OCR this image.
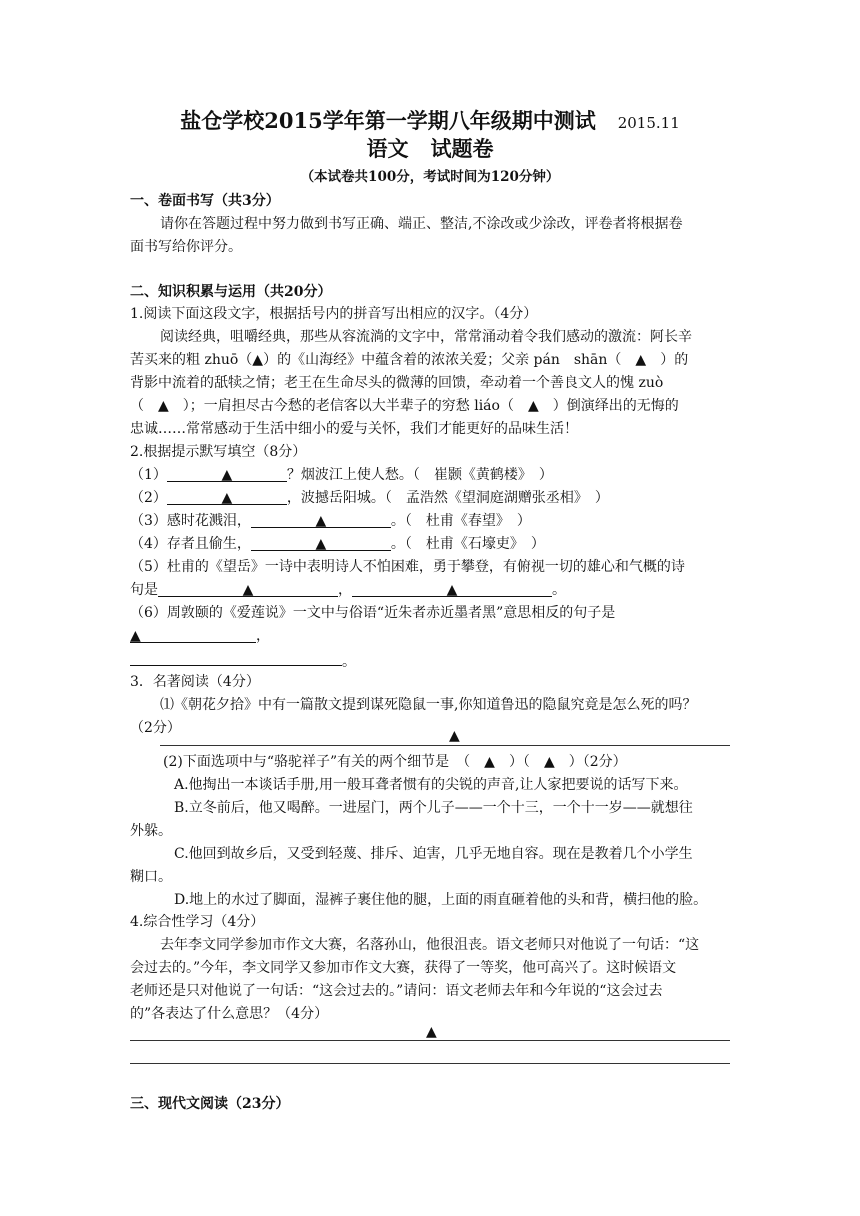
盐仓学校2015学年第一学期八年级期中测试 2015.11
语文 试题卷
（本试卷共100分，考试时间为120分钟）
一、卷面书写（共3分）
请你在答题过程中努力做到书写正确、端正、整洁,不涂改或少涂改，评卷者将根据卷
面书写给你评分。
二、知识积累与运用（共20分）
1.阅读下面这段文字，根据括号内的拼音写出相应的汉字。（4分）
阅读经典，咀嚼经典，那些从容流淌的文字中，常常涌动着令我们感动的激流：阿长辛
苦买来的粗 zhuō（▲）的《山海经》中蕴含着的浓浓关爱；父亲 pán　shān（　 ▲　 ）的
背影中流着的舐犊之情；老王在生命尽头的微薄的回馈，牵动着一个善良文人的愧 zuò
（　 ▲　 ）；一肩担尽古今愁的老信客以大半辈子的穷愁 liáo（　 ▲　 ）倒演绎出的无悔的
忠诚……常常感动于生活中细小的爱与关怀，我们才能更好的品味生活！
2.根据提示默写填空（8分）
（1）	▲	？烟波江上使人愁。（　崔颢《黄鹤楼》　）
（2）	▲	，波撼岳阳城。（　孟浩然《望洞庭湖赠张丞相》　）
（3）感时花溅泪，	▲	。（　杜甫《春望》　）
（4）存者且偷生，	▲	。（　杜甫《石壕吏》　）
（5）杜甫的《望岳》一诗中表明诗人不怕困难，勇于攀登，有俯视一切的雄心和气概的诗
句是	▲	，	▲	。
（6）周敦颐的《爱莲说》一文中与俗语“近朱者赤近墨者黑”意思相反的句子是
▲	，
。
3．名著阅读（4分）
⑴《朝花夕拾》中有一篇散文提到谋死隐鼠一事,你知道鲁迅的隐鼠究竟是怎么死的吗？
（2分）	▲
(2)下面选项中与“骆驼祥子”有关的两个细节是　（　 ▲　 ）（　 ▲　 ）（2分）
A.他掏出一本谈话手册,用一般耳聋者惯有的尖锐的声音,让人家把要说的话写下来。
B.立冬前后，他又喝醉。一进屋门，两个儿子——一个十三，一个十一岁——就想往
外躲。
C.他回到故乡后，又受到轻蔑、排斥、迫害，几乎无地自容。现在是教着几个小学生
糊口。
D.地上的水过了脚面，湿裤子裹住他的腿，上面的雨直砸着他的头和背，横扫他的脸。
4.综合性学习（4分）
去年李文同学参加市作文大赛，名落孙山，他很沮丧。语文老师只对他说了一句话：“这
会过去的。”今年，李文同学又参加市作文大赛，获得了一等奖，他可高兴了。这时候语文
老师还是只对他说了一句话：“这会过去的。”请问：语文老师去年和今年说的“这会过去
的”各表达了什么意思？（4分）
▲
三、现代文阅读（23分）
